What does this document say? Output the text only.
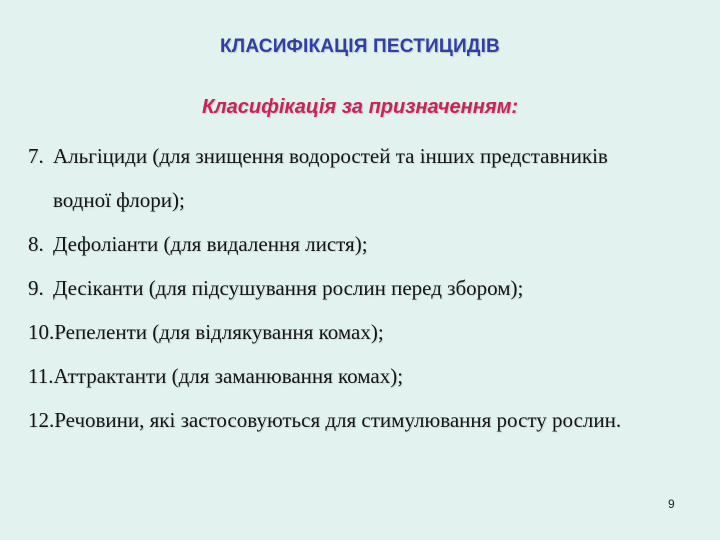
КЛАСИФІКАЦІЯ ПЕСТИЦИДІВ
Класифікація за призначенням:
7. Альгіциди (для знищення водоростей та інших представників водної флори);
8. Дефоліанти (для видалення листя);
9. Десіканти (для підсушування рослин перед збором);
10. Репеленти (для відлякування комах);
11. Аттрактанти (для заманювання комах);
12. Речовини, які застосовуються для стимулювання росту рослин.
9
